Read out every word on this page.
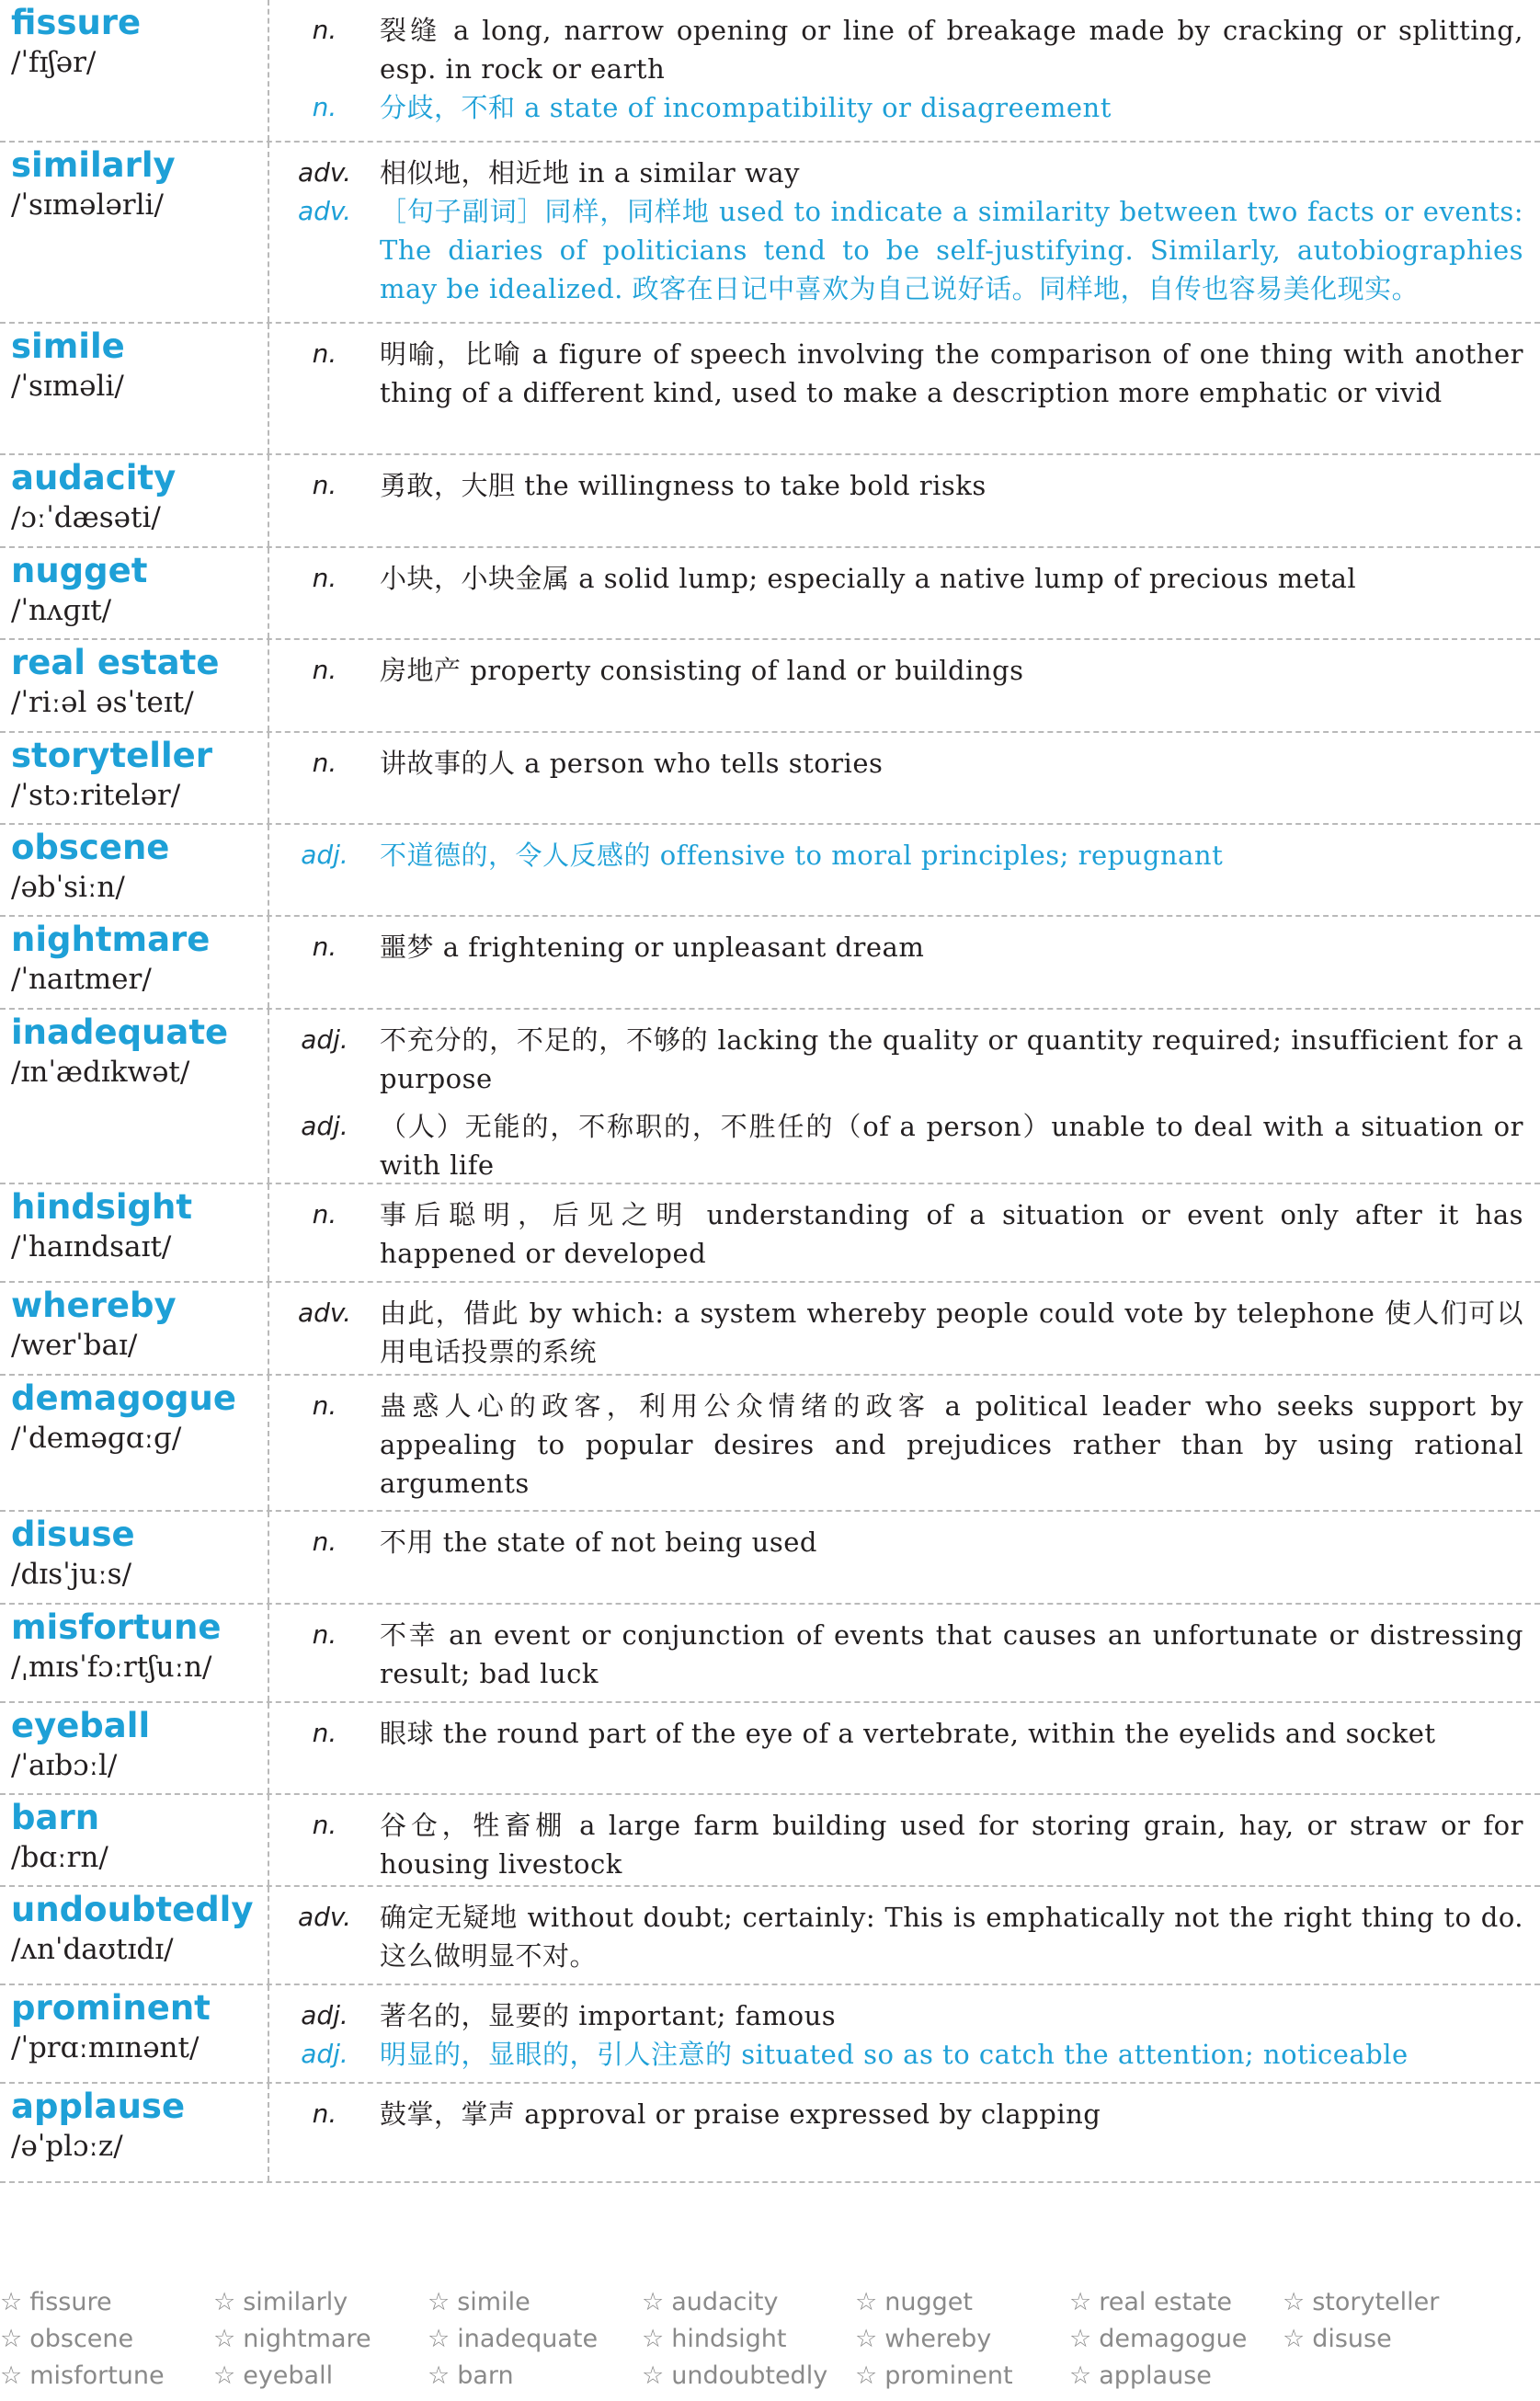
fissure
/ˈfɪʃər/
n.	裂缝 a long, narrow opening or line of breakage made by cracking or splitting, esp. in rock or earth
n.	分歧，不和 a state of incompatibility or disagreement
similarly
/ˈsɪmələrli/
adv.	相似地，相近地 in a similar way
adv.	［句子副词］同样，同样地 used to indicate a similarity between two facts or events: The diaries of politicians tend to be self-justifying. Similarly, autobiographies may be idealized. 政客在日记中喜欢为自己说好话。同样地，自传也容易美化现实。
simile
/ˈsɪməli/
n.	明喻，比喻 a figure of speech involving the comparison of one thing with another thing of a different kind, used to make a description more emphatic or vivid
audacity
/ɔːˈdæsəti/
n.	勇敢，大胆 the willingness to take bold risks
nugget
/ˈnʌɡɪt/
n.	小块，小块金属 a solid lump; especially a native lump of precious metal
real estate
/ˈriːəl əsˈteɪt/
n.	房地产 property consisting of land or buildings
storyteller
/ˈstɔːritelər/
n.	讲故事的人 a person who tells stories
obscene
/əbˈsiːn/
adj.	不道德的，令人反感的 offensive to moral principles; repugnant
nightmare
/ˈnaɪtmer/
n.	噩梦 a frightening or unpleasant dream
inadequate
/ɪnˈædɪkwət/
adj.	不充分的，不足的，不够的 lacking the quality or quantity required; insufficient for a purpose
adj.	（人）无能的，不称职的，不胜任的（of a person）unable to deal with a situation or with life
hindsight
/ˈhaɪndsaɪt/
n.	事后聪明，后见之明 understanding of a situation or event only after it has happened or developed
whereby
/werˈbaɪ/
adv.	由此，借此 by which: a system whereby people could vote by telephone 使人们可以用电话投票的系统
demagogue
/ˈdeməɡɑːɡ/
n.	蛊惑人心的政客，利用公众情绪的政客 a political leader who seeks support by appealing to popular desires and prejudices rather than by using rational arguments
disuse
/dɪsˈjuːs/
n.	不用 the state of not being used
misfortune
/ˌmɪsˈfɔːrtʃuːn/
n.	不幸 an event or conjunction of events that causes an unfortunate or distressing result; bad luck
eyeball
/ˈaɪbɔːl/
n.	眼球 the round part of the eye of a vertebrate, within the eyelids and socket
barn
/bɑːrn/
n.	谷仓，牲畜棚 a large farm building used for storing grain, hay, or straw or for housing livestock
undoubtedly
/ʌnˈdaʊtɪdɪ/
adv.	确定无疑地 without doubt; certainly: This is emphatically not the right thing to do. 这么做明显不对。
prominent
/ˈprɑːmɪnənt/
adj.	著名的，显要的 important; famous
adj.	明显的，显眼的，引人注意的 situated so as to catch the attention; noticeable
applause
/əˈplɔːz/
n.	鼓掌，掌声 approval or praise expressed by clapping
☆ fissure	☆ similarly	☆ simile	☆ audacity	☆ nugget	☆ real estate ☆ storyteller
☆ obscene	☆ nightmare ☆ inadequate ☆ hindsight	☆ whereby	☆ demagogue ☆ disuse
☆ misfortune ☆ eyeball	☆ barn	☆ undoubtedly ☆ prominent ☆ applause
